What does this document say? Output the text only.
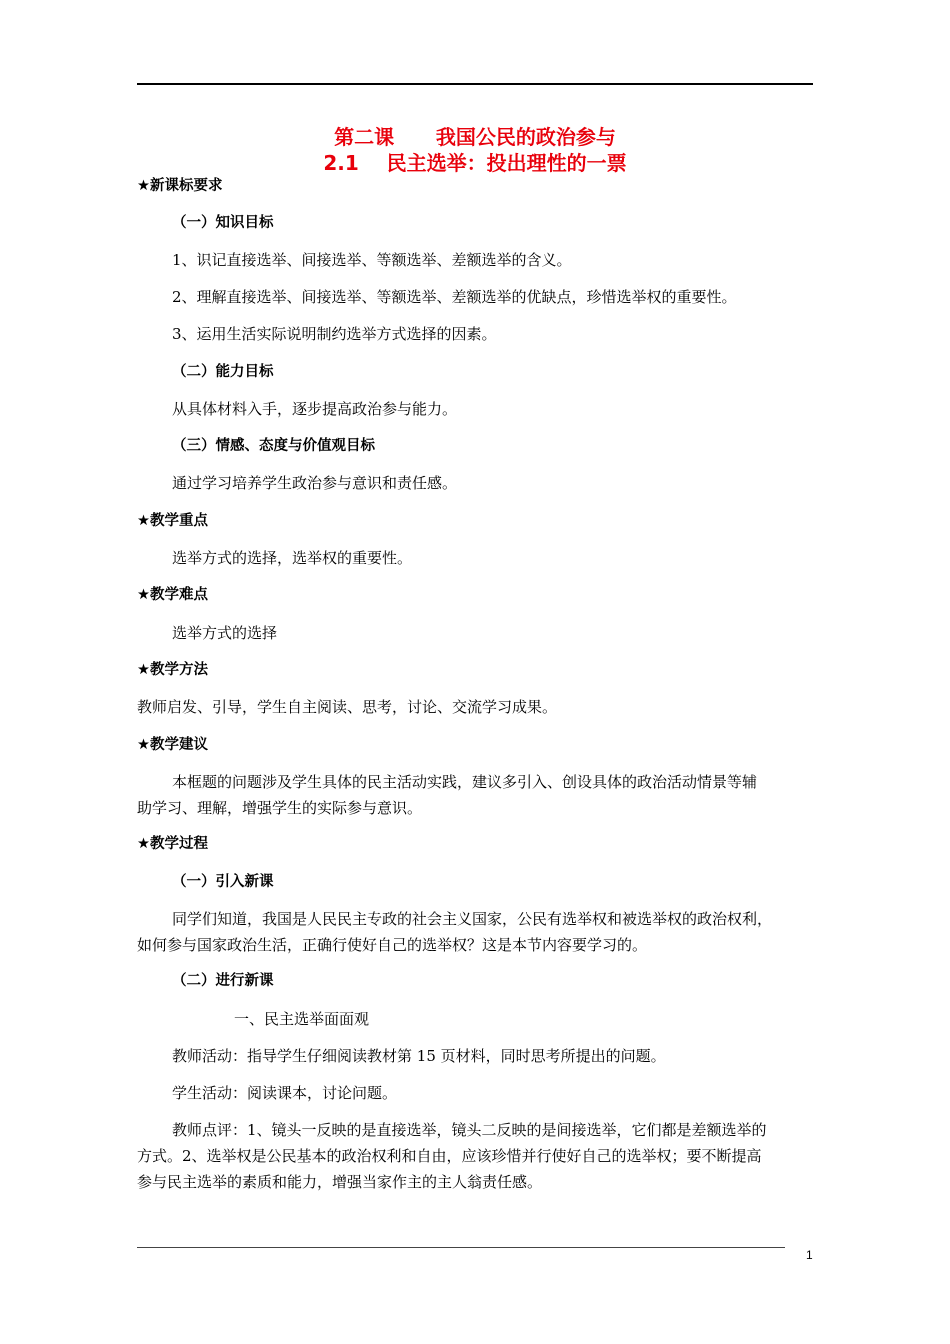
第二课      我国公民的政治参与
2.1    民主选举：投出理性的一票
★新课标要求
（一）知识目标
1、识记直接选举、间接选举、等额选举、差额选举的含义。
2、理解直接选举、间接选举、等额选举、差额选举的优缺点，珍惜选举权的重要性。
3、运用生活实际说明制约选举方式选择的因素。
（二）能力目标
从具体材料入手，逐步提高政治参与能力。
（三）情感、态度与价值观目标
通过学习培养学生政治参与意识和责任感。
★教学重点
选举方式的选择，选举权的重要性。
★教学难点
选举方式的选择
★教学方法
教师启发、引导，学生自主阅读、思考，讨论、交流学习成果。
★教学建议
本框题的问题涉及学生具体的民主活动实践，建议多引入、创设具体的政治活动情景等辅
助学习、理解，增强学生的实际参与意识。
★教学过程
（一）引入新课
同学们知道，我国是人民民主专政的社会主义国家，公民有选举权和被选举权的政治权利，
如何参与国家政治生活，正确行使好自己的选举权？这是本节内容要学习的。
（二）进行新课
一、民主选举面面观
教师活动：指导学生仔细阅读教材第 15 页材料，同时思考所提出的问题。
学生活动：阅读课本，讨论问题。
教师点评：1、镜头一反映的是直接选举，镜头二反映的是间接选举，它们都是差额选举的
方式。2、选举权是公民基本的政治权利和自由，应该珍惜并行使好自己的选举权；要不断提高
参与民主选举的素质和能力，增强当家作主的主人翁责任感。
1
